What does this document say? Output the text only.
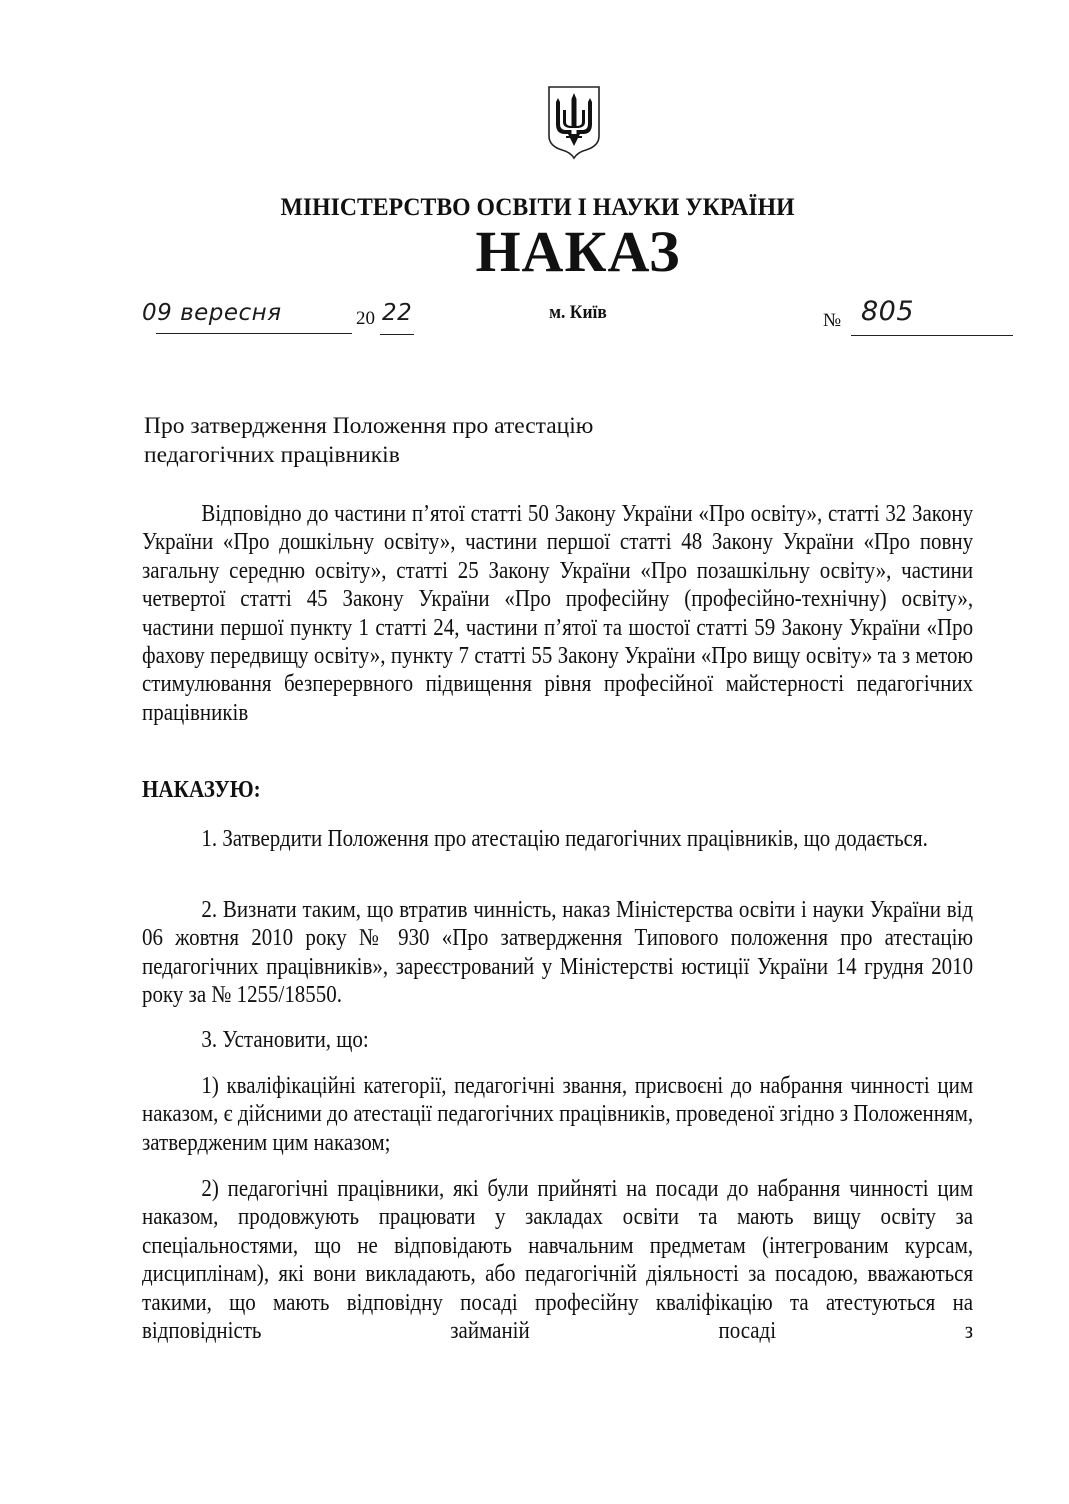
МІНІСТЕРСТВО ОСВІТИ І НАУКИ УКРАЇНИ
НАКАЗ
09 вересня	20 22	м. Київ	№ 805
Про затвердження Положення про атестацію
педагогічних працівників

Відповідно до частини п’ятої статті 50 Закону України «Про освіту», статті 32 Закону України «Про дошкільну освіту», частини першої статті 48 Закону України «Про повну загальну середню освіту», статті 25 Закону України «Про позашкільну освіту», частини четвертої статті 45 Закону України «Про професійну (професійно-технічну) освіту», частини першої пункту 1 статті 24, частини п’ятої та шостої статті 59 Закону України «Про фахову передвищу освіту», пункту 7 статті 55 Закону України «Про вищу освіту» та з метою стимулювання безперервного підвищення рівня професійної майстерності педагогічних працівників

НАКАЗУЮ:

1. Затвердити Положення про атестацію педагогічних працівників, що додається.

2. Визнати таким, що втратив чинність, наказ Міністерства освіти і науки України від 06 жовтня 2010 року № 930 «Про затвердження Типового положення про атестацію педагогічних працівників», зареєстрований у Міністерстві юстиції України 14 грудня 2010 року за № 1255/18550.

3. Установити, що:

1) кваліфікаційні категорії, педагогічні звання, присвоєні до набрання чинності цим наказом, є дійсними до атестації педагогічних працівників, проведеної згідно з Положенням, затвердженим цим наказом;

2) педагогічні працівники, які були прийняті на посади до набрання чинності цим наказом, продовжують працювати у закладах освіти та мають вищу освіту за спеціальностями, що не відповідають навчальним предметам (інтегрованим курсам, дисциплінам), які вони викладають, або педагогічній діяльності за посадою, вважаються такими, що мають відповідну посаді професійну кваліфікацію та атестуються на відповідність займаній посаді з
